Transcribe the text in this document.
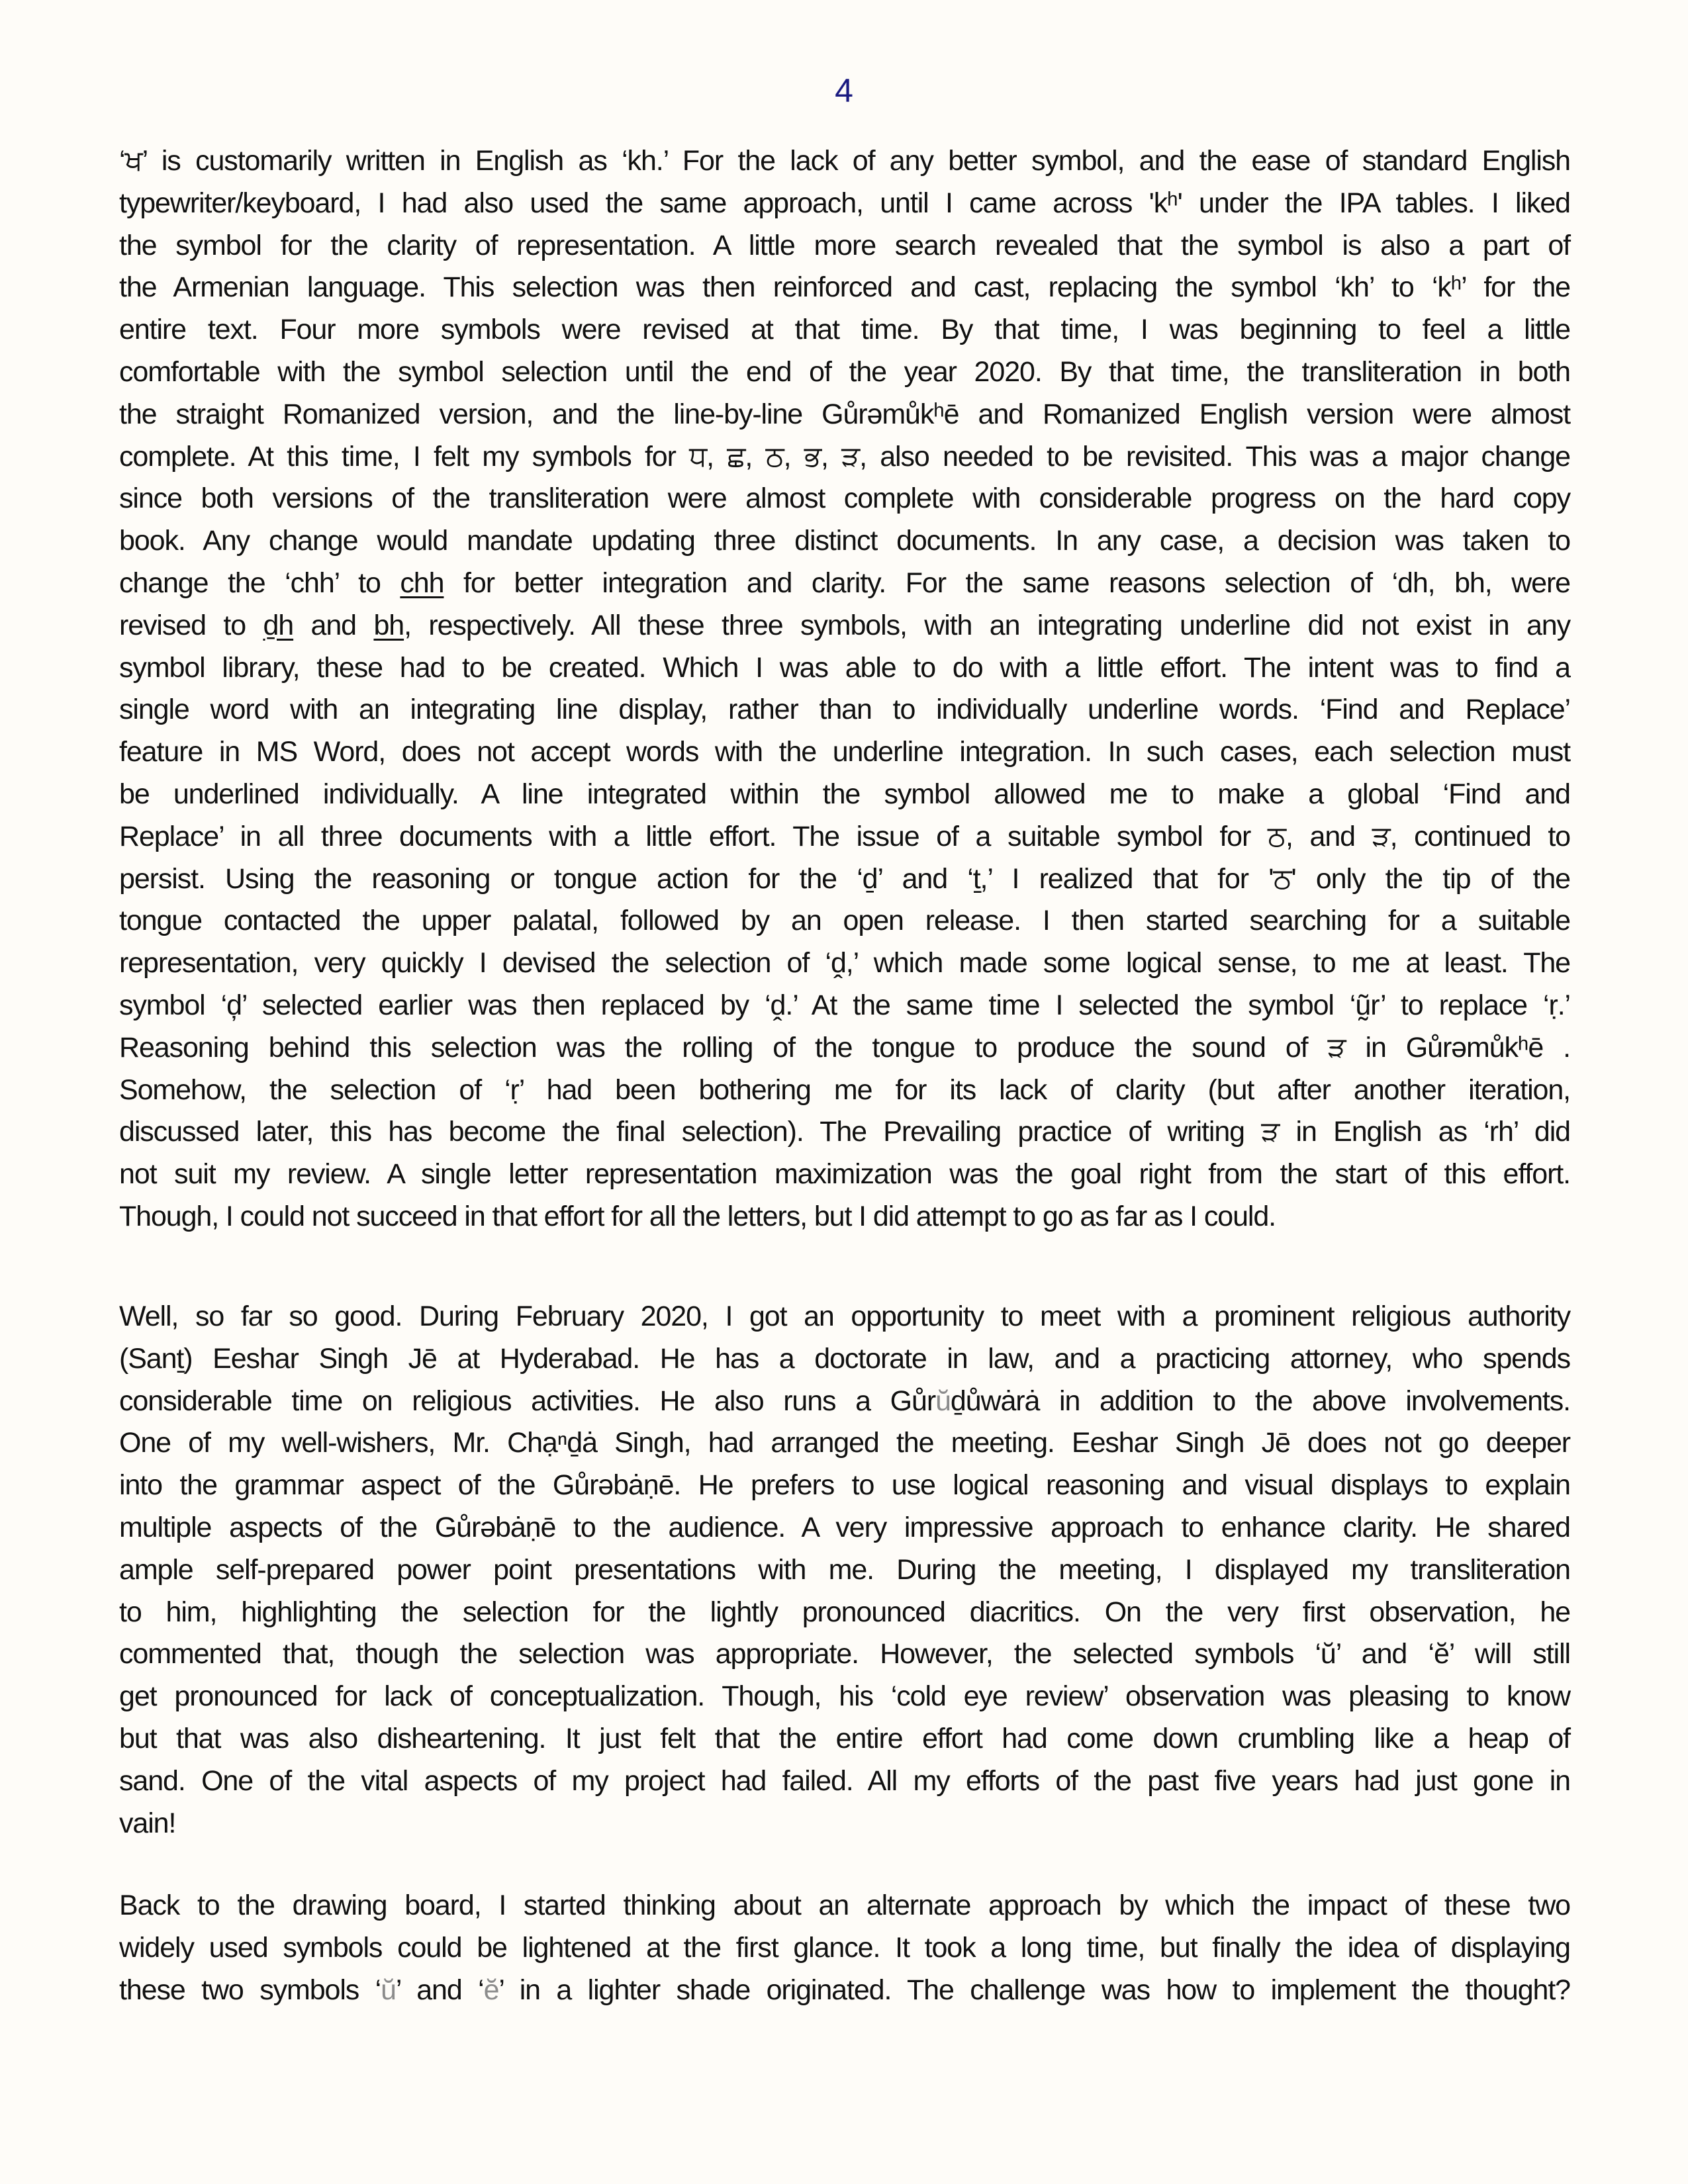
4
‘ਖ’ is customarily written in English as ‘kh.’ For the lack of any better symbol, and the ease of standard English
typewriter/keyboard, I had also used the same approach, until I came across 'kʰ' under the IPA tables. I liked
the symbol for the clarity of representation. A little more search revealed that the symbol is also a part of
the Armenian language. This selection was then reinforced and cast, replacing the symbol ‘kh’ to ‘kʰ’ for the
entire text. Four more symbols were revised at that time. By that time, I was beginning to feel a little
comfortable with the symbol selection until the end of the year 2020. By that time, the transliteration in both
the straight Romanized version, and the line-by-line Gůrəmůkʰē and Romanized English version were almost
complete. At this time, I felt my symbols for ਧ, ਛ, ਠ, ਭ, ੜ, also needed to be revisited. This was a major change
since both versions of the transliteration were almost complete with considerable progress on the hard copy
book. Any change would mandate updating three distinct documents. In any case, a decision was taken to
change the ‘chh’ to chh for better integration and clarity. For the same reasons selection of ‘dh, bh, were
revised to ḏh and bh, respectively. All these three symbols, with an integrating underline did not exist in any
symbol library, these had to be created. Which I was able to do with a little effort. The intent was to find a
single word with an integrating line display, rather than to individually underline words. ‘Find and Replace’
feature in MS Word, does not accept words with the underline integration. In such cases, each selection must
be underlined individually. A line integrated within the symbol allowed me to make a global ‘Find and
Replace’ in all three documents with a little effort. The issue of a suitable symbol for ਠ, and ੜ, continued to
persist. Using the reasoning or tongue action for the ‘ḏ’ and ‘ṯ,’ I realized that for 'ਠ' only the tip of the
tongue contacted the upper palatal, followed by an open release. I then started searching for a suitable
representation, very quickly I devised the selection of ‘ḓ,’ which made some logical sense, to me at least. The
symbol ‘ḑ’ selected earlier was then replaced by ‘ḓ.’ At the same time I selected the symbol ‘ṵ̃r’ to replace ‘ṛ.’
Reasoning behind this selection was the rolling of the tongue to produce the sound of ੜ in Gůrəmůkʰē .
Somehow, the selection of ‘ṛ’ had been bothering me for its lack of clarity (but after another iteration,
discussed later, this has become the final selection). The Prevailing practice of writing ੜ in English as ‘rh’ did
not suit my review. A single letter representation maximization was the goal right from the start of this effort.
Though, I could not succeed in that effort for all the letters, but I did attempt to go as far as I could.
Well, so far so good. During February 2020, I got an opportunity to meet with a prominent religious authority
(Sanṯ) Eeshar Singh Jē at Hyderabad. He has a doctorate in law, and a practicing attorney, who spends
considerable time on religious activities. He also runs a Gůrŭḏůwȧrȧ in addition to the above involvements.
One of my well-wishers, Mr. Chạⁿḏȧ Singh, had arranged the meeting. Eeshar Singh Jē does not go deeper
into the grammar aspect of the Gůrəbȧṇē. He prefers to use logical reasoning and visual displays to explain
multiple aspects of the Gůrəbȧṇē to the audience. A very impressive approach to enhance clarity. He shared
ample self-prepared power point presentations with me. During the meeting, I displayed my transliteration
to him, highlighting the selection for the lightly pronounced diacritics. On the very first observation, he
commented that, though the selection was appropriate. However, the selected symbols ‘ŭ’ and ‘ĕ’ will still
get pronounced for lack of conceptualization. Though, his ‘cold eye review’ observation was pleasing to know
but that was also disheartening. It just felt that the entire effort had come down crumbling like a heap of
sand. One of the vital aspects of my project had failed. All my efforts of the past five years had just gone in
vain!
Back to the drawing board, I started thinking about an alternate approach by which the impact of these two
widely used symbols could be lightened at the first glance. It took a long time, but finally the idea of displaying
these two symbols ‘ŭ’ and ‘ĕ’ in a lighter shade originated. The challenge was how to implement the thought?
